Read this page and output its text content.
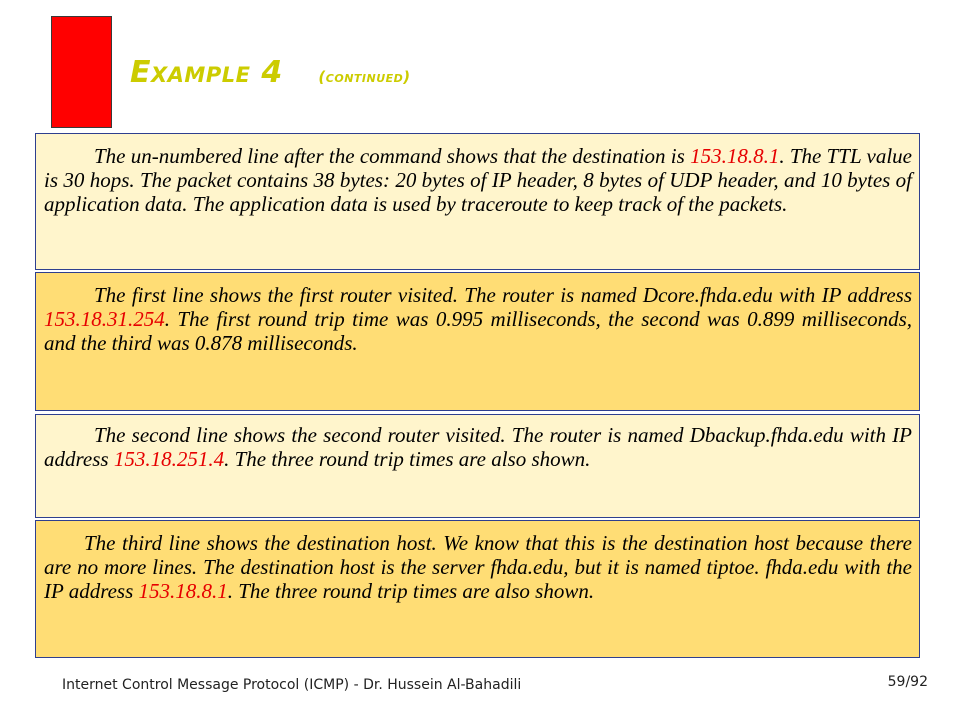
Example 4 (continued)
The un-numbered line after the command shows that the destination is 153.18.8.1. The TTL value is 30 hops. The packet contains 38 bytes: 20 bytes of IP header, 8 bytes of UDP header, and 10 bytes of application data. The application data is used by traceroute to keep track of the packets.
The first line shows the first router visited. The router is named Dcore.fhda.edu with IP address 153.18.31.254. The first round trip time was 0.995 milliseconds, the second was 0.899 milliseconds, and the third was 0.878 milliseconds.
The second line shows the second router visited. The router is named Dbackup.fhda.edu with IP address 153.18.251.4. The three round trip times are also shown.
The third line shows the destination host. We know that this is the destination host because there are no more lines. The destination host is the server fhda.edu, but it is named tiptoe. fhda.edu with the IP address 153.18.8.1. The three round trip times are also shown.
Internet Control Message Protocol (ICMP) - Dr. Hussein Al-Bahadili	59/92
